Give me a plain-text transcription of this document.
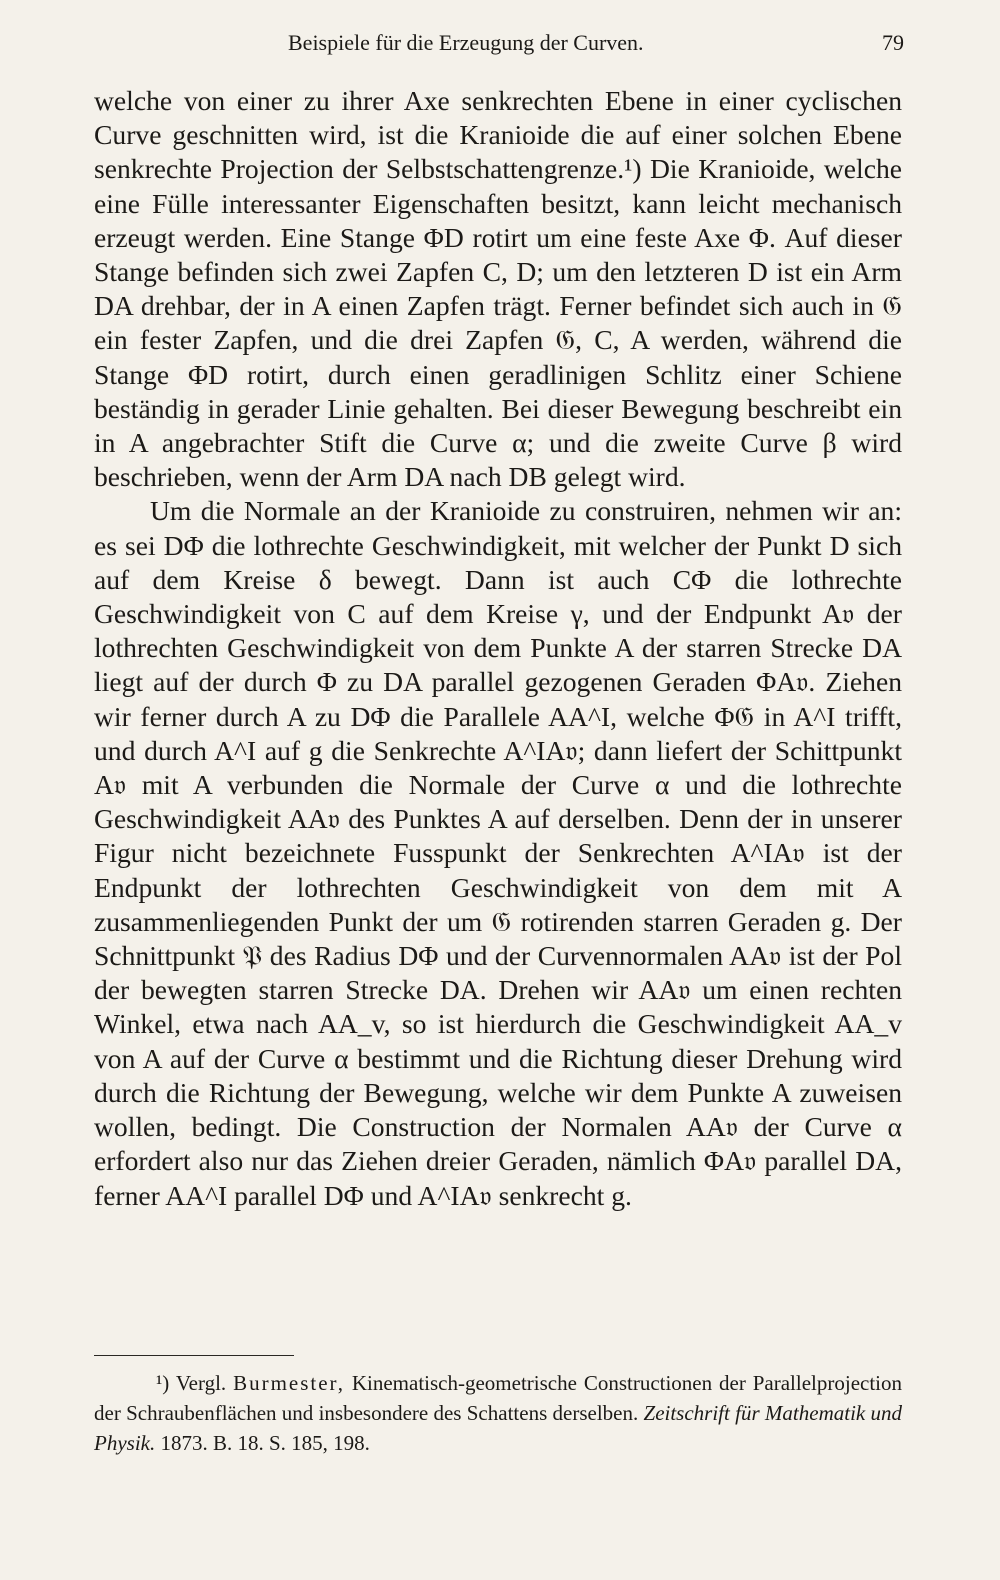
Beispiele für die Erzeugung der Curven.	79

welche von einer zu ihrer Axe senkrechten Ebene in einer cyclischen Curve geschnitten wird, ist die Kranioide die auf einer solchen Ebene senkrechte Projection der Selbstschattengrenze.¹) Die Kranioide, welche eine Fülle interessanter Eigenschaften besitzt, kann leicht mechanisch erzeugt werden. Eine Stange ΦD rotirt um eine feste Axe Φ. Auf dieser Stange befinden sich zwei Zapfen C, D; um den letzteren D ist ein Arm DA drehbar, der in A einen Zapfen trägt. Ferner befindet sich auch in 𝔊 ein fester Zapfen, und die drei Zapfen 𝔊, C, A werden, während die Stange ΦD rotirt, durch einen geradlinigen Schlitz einer Schiene beständig in gerader Linie gehalten. Bei dieser Bewegung beschreibt ein in A angebrachter Stift die Curve α; und die zweite Curve β wird beschrieben, wenn der Arm DA nach DB gelegt wird.

Um die Normale an der Kranioide zu construiren, nehmen wir an: es sei DΦ die lothrechte Geschwindigkeit, mit welcher der Punkt D sich auf dem Kreise δ bewegt. Dann ist auch CΦ die lothrechte Geschwindigkeit von C auf dem Kreise γ, und der Endpunkt A𝔳 der lothrechten Geschwindigkeit von dem Punkte A der starren Strecke DA liegt auf der durch Φ zu DA parallel gezogenen Geraden ΦA𝔳. Ziehen wir ferner durch A zu DΦ die Parallele AA^I, welche Φ𝔊 in A^I trifft, und durch A^I auf g die Senkrechte A^IA𝔳; dann liefert der Schittpunkt A𝔳 mit A verbunden die Normale der Curve α und die lothrechte Geschwindigkeit AA𝔳 des Punktes A auf derselben. Denn der in unserer Figur nicht bezeichnete Fusspunkt der Senkrechten A^IA𝔳 ist der Endpunkt der lothrechten Geschwindigkeit von dem mit A zusammenliegenden Punkt der um 𝔊 rotirenden starren Geraden g. Der Schnittpunkt 𝔓 des Radius DΦ und der Curvennormalen AA𝔳 ist der Pol der bewegten starren Strecke DA. Drehen wir AA𝔳 um einen rechten Winkel, etwa nach AA_v, so ist hierdurch die Geschwindigkeit AA_v von A auf der Curve α bestimmt und die Richtung dieser Drehung wird durch die Richtung der Bewegung, welche wir dem Punkte A zuweisen wollen, bedingt. Die Construction der Normalen AA𝔳 der Curve α erfordert also nur das Ziehen dreier Geraden, nämlich ΦA𝔳 parallel DA, ferner AA^I parallel DΦ und A^IA𝔳 senkrecht g.

¹) Vergl. Burmester, Kinematisch-geometrische Constructionen der Parallelprojection der Schraubenflächen und insbesondere des Schattens derselben. Zeitschrift für Mathematik und Physik. 1873. B. 18. S. 185, 198.
